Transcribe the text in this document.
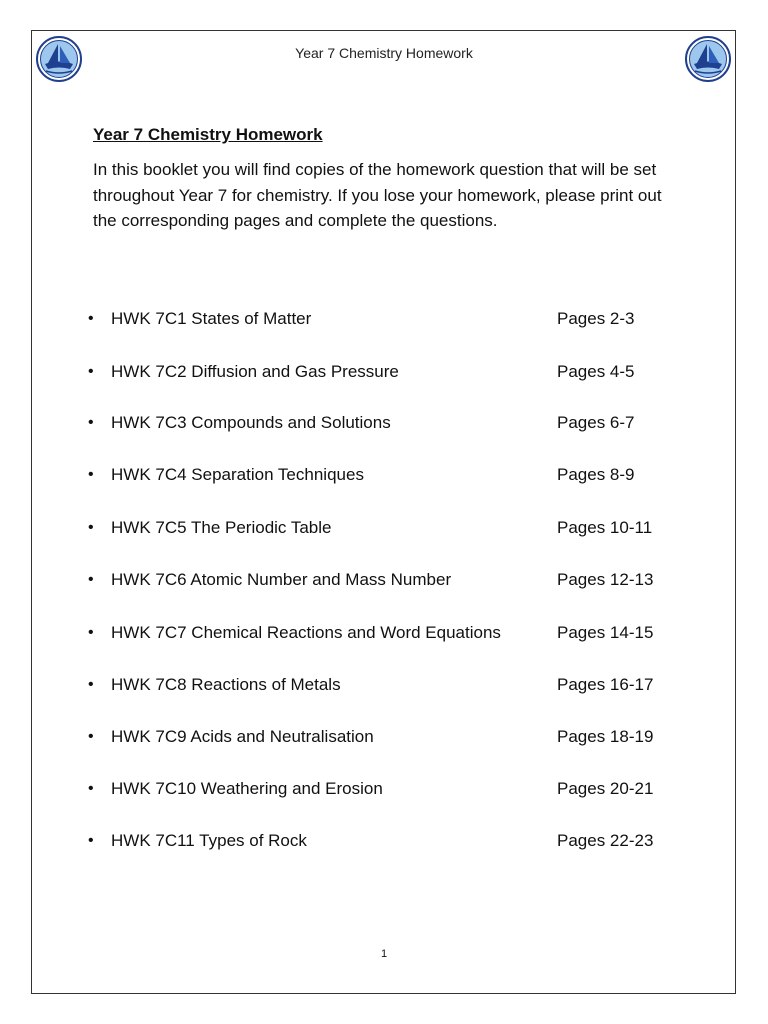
Year 7 Chemistry Homework
Year 7 Chemistry Homework
In this booklet you will find copies of the homework question that will be set throughout Year 7 for chemistry. If you lose your homework, please print out the corresponding pages and complete the questions.
• HWK 7C1 States of Matter	Pages 2-3
• HWK 7C2 Diffusion and Gas Pressure	Pages 4-5
• HWK 7C3 Compounds and Solutions	Pages 6-7
• HWK 7C4 Separation Techniques	Pages 8-9
• HWK 7C5 The Periodic Table	Pages 10-11
• HWK 7C6 Atomic Number and Mass Number	Pages 12-13
• HWK 7C7 Chemical Reactions and Word Equations	Pages 14-15
• HWK 7C8 Reactions of Metals	Pages 16-17
• HWK 7C9 Acids and Neutralisation	Pages 18-19
• HWK 7C10 Weathering and Erosion	Pages 20-21
• HWK 7C11 Types of Rock	Pages 22-23
1
